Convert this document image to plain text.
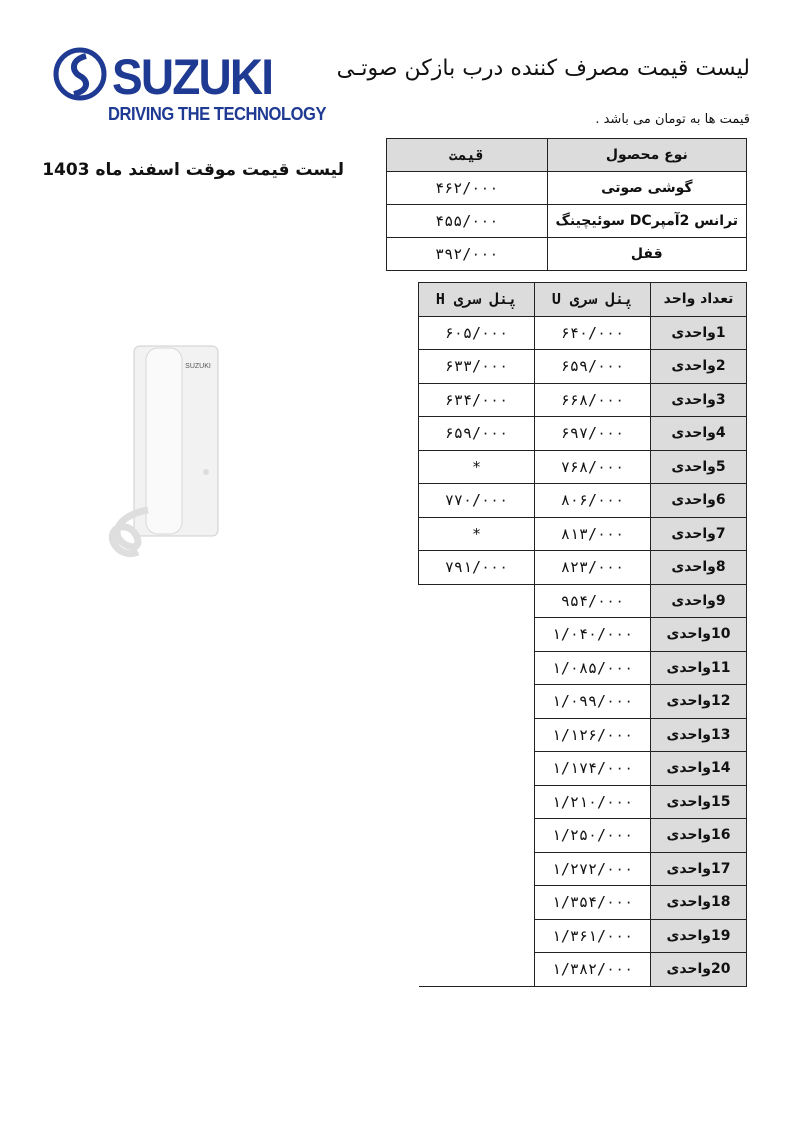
SUZUKI
DRIVING THE TECHNOLOGY
لیست قیمت مصرف کننده درب بازکن صوتـی
قیمت ها به تومان می باشد .
لیست قیمت موقت اسفند ماه 1403
نوع محصول	قیمت
گوشی صوتی	۴۶۲/۰۰۰
ترانس 2آمپرDC سوئیچینگ	۴۵۵/۰۰۰
قفل	۳۹۲/۰۰۰
تعداد واحد	پنل سری U	پنل سری H
1واحدی	۶۴۰/۰۰۰	۶۰۵/۰۰۰
2واحدی	۶۵۹/۰۰۰	۶۳۳/۰۰۰
3واحدی	۶۶۸/۰۰۰	۶۳۴/۰۰۰
4واحدی	۶۹۷/۰۰۰	۶۵۹/۰۰۰
5واحدی	۷۶۸/۰۰۰	*
6واحدی	۸۰۶/۰۰۰	۷۷۰/۰۰۰
7واحدی	۸۱۳/۰۰۰	*
8واحدی	۸۲۳/۰۰۰	۷۹۱/۰۰۰
9واحدی	۹۵۴/۰۰۰	
10واحدی	۱/۰۴۰/۰۰۰	
11واحدی	۱/۰۸۵/۰۰۰	
12واحدی	۱/۰۹۹/۰۰۰	
13واحدی	۱/۱۲۶/۰۰۰	
14واحدی	۱/۱۷۴/۰۰۰	
15واحدی	۱/۲۱۰/۰۰۰	
16واحدی	۱/۲۵۰/۰۰۰	
17واحدی	۱/۲۷۲/۰۰۰	
18واحدی	۱/۳۵۴/۰۰۰	
19واحدی	۱/۳۶۱/۰۰۰	
20واحدی	۱/۳۸۲/۰۰۰	
SUZUKI
